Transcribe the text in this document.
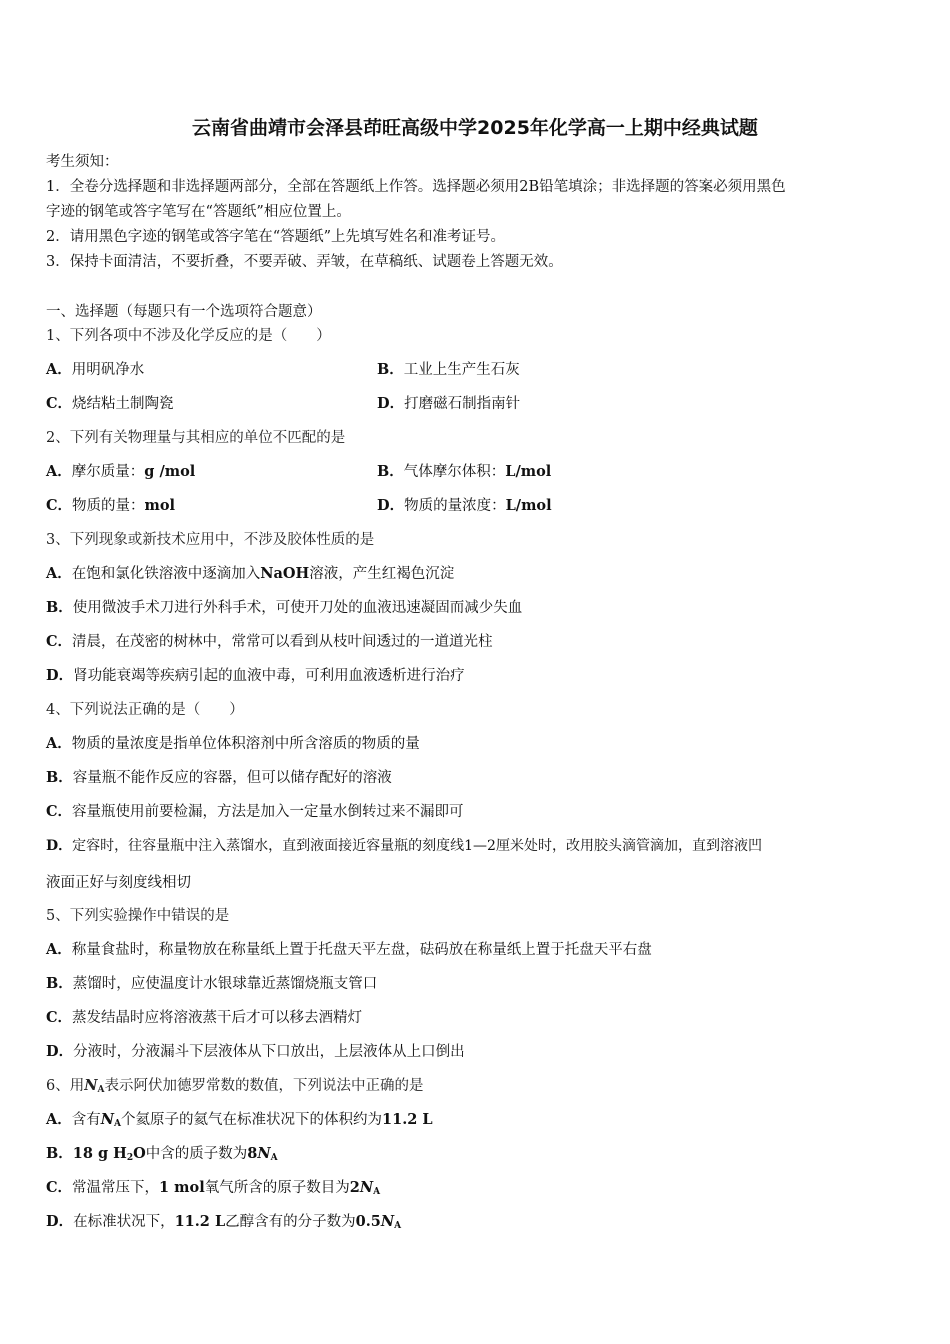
云南省曲靖市会泽县茚旺高级中学2025年化学高一上期中经典试题
考生须知：
1．全卷分选择题和非选择题两部分，全部在答题纸上作答。选择题必须用2B铅笔填涂；非选择题的答案必须用黑色
字迹的钢笔或答字笔写在“答题纸”相应位置上。
2．请用黑色字迹的钢笔或答字笔在“答题纸”上先填写姓名和准考证号。
3．保持卡面清洁，不要折叠，不要弄破、弄皱，在草稿纸、试题卷上答题无效。
一、选择题（每题只有一个选项符合题意）
1、下列各项中不涉及化学反应的是（　　）
A．用明矾净水	B．工业上生产生石灰
C．烧结粘土制陶瓷	D．打磨磁石制指南针
2、下列有关物理量与其相应的单位不匹配的是
A．摩尔质量：g /mol	B．气体摩尔体积：L/mol
C．物质的量：mol	D．物质的量浓度：L/mol
3、下列现象或新技术应用中，不涉及胶体性质的是
A．在饱和氯化铁溶液中逐滴加入NaOH溶液，产生红褐色沉淀
B．使用微波手术刀进行外科手术，可使开刀处的血液迅速凝固而减少失血
C．清晨，在茂密的树林中，常常可以看到从枝叶间透过的一道道光柱
D．肾功能衰竭等疾病引起的血液中毒，可利用血液透析进行治疗
4、下列说法正确的是（　　）
A．物质的量浓度是指单位体积溶剂中所含溶质的物质的量
B．容量瓶不能作反应的容器，但可以储存配好的溶液
C．容量瓶使用前要检漏，方法是加入一定量水倒转过来不漏即可
D．定容时，往容量瓶中注入蒸馏水，直到液面接近容量瓶的刻度线1—2厘米处时，改用胶头滴管滴加，直到溶液凹
液面正好与刻度线相切
5、下列实验操作中错误的是
A．称量食盐时，称量物放在称量纸上置于托盘天平左盘，砝码放在称量纸上置于托盘天平右盘
B．蒸馏时，应使温度计水银球靠近蒸馏烧瓶支管口
C．蒸发结晶时应将溶液蒸干后才可以移去酒精灯
D．分液时，分液漏斗下层液体从下口放出，上层液体从上口倒出
6、用$N_A$表示阿伏加德罗常数的数值，下列说法中正确的是
A．含有$N_A$个氦原子的氦气在标准状况下的体积约为11.2 L
B．18 g $H_2O$中含的质子数为$8N_A$
C．常温常压下，1 mol氧气所含的原子数目为$2N_A$
D．在标准状况下，11.2 L乙醇含有的分子数为$0.5N_A$
